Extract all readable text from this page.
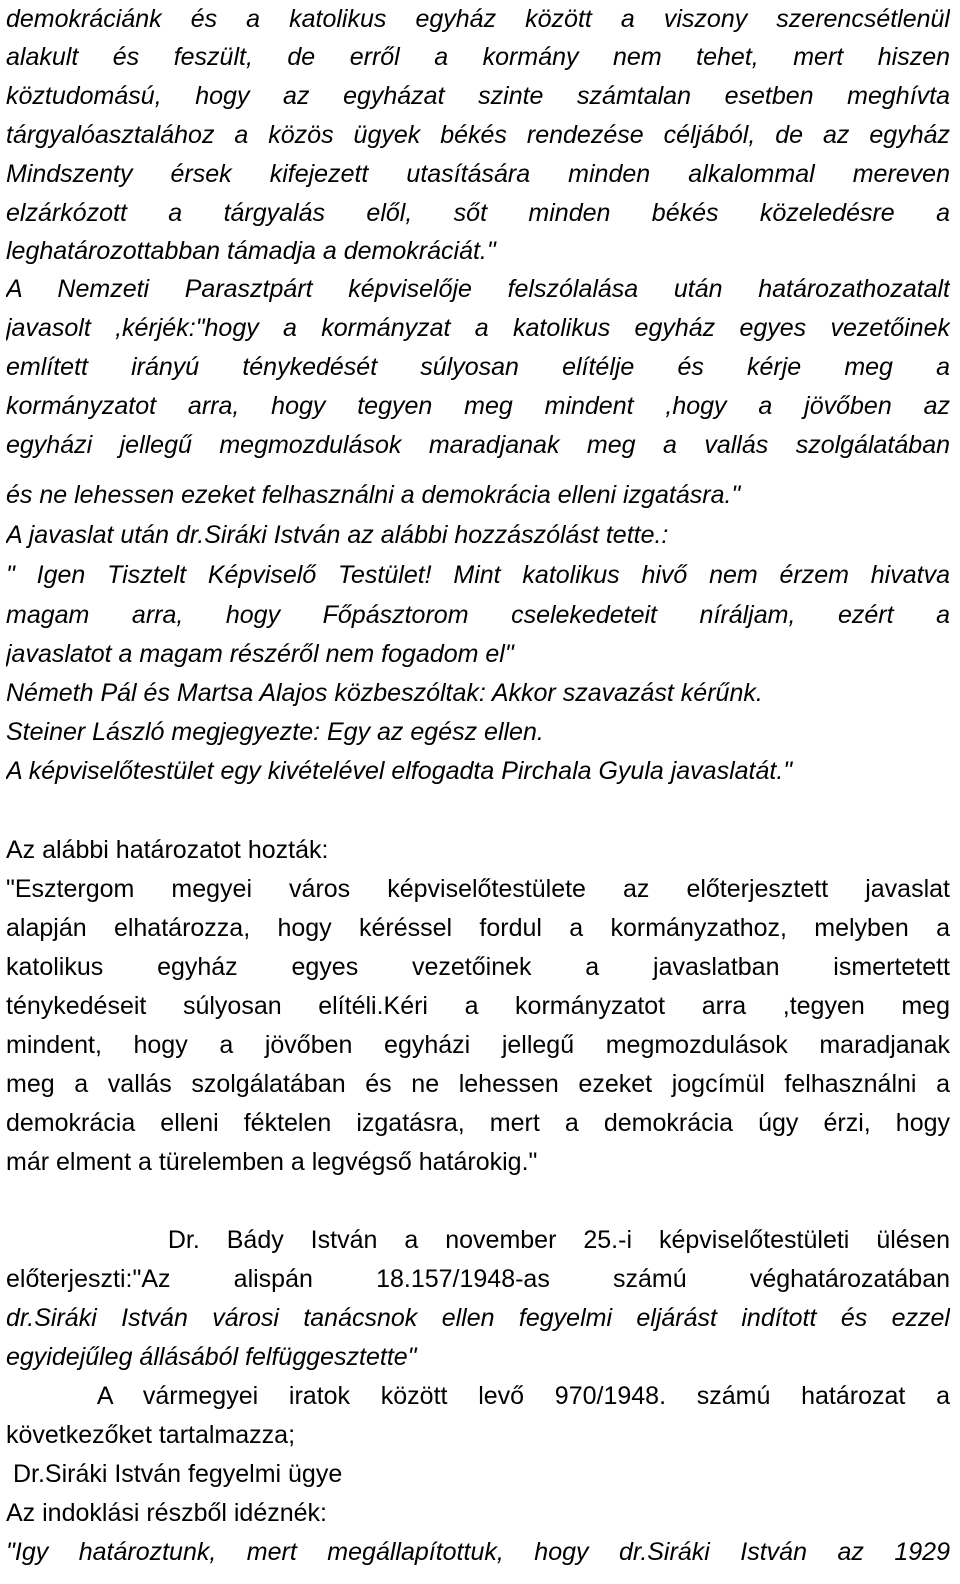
demokráciánk és a katolikus egyház között a viszony szerencsétlenül
alakult és feszült, de erről a kormány nem tehet, mert hiszen
köztudomású, hogy az egyházat szinte számtalan esetben meghívta
tárgyalóasztalához a közös ügyek békés rendezése céljából, de az egyház
Mindszenty érsek kifejezett utasítására minden alkalommal mereven
elzárkózott a tárgyalás elől, sőt minden békés közeledésre a
leghatározottabban támadja a demokráciát."
A Nemzeti Parasztpárt képviselője felszólalása után határozathozatalt
javasolt ,kérjék:"hogy a kormányzat a katolikus egyház egyes vezetőinek
említett irányú ténykedését súlyosan elítélje és kérje meg a
kormányzatot arra, hogy tegyen meg mindent ,hogy a jövőben az
egyházi jellegű megmozdulások maradjanak meg a vallás szolgálatában
és ne lehessen ezeket felhasználni a demokrácia elleni izgatásra."
A javaslat után dr.Siráki István az alábbi hozzászólást tette.:
" Igen Tisztelt Képviselő Testület! Mint katolikus hivő nem érzem hivatva
magam arra, hogy Főpásztorom cselekedeteit níráljam, ezért a
javaslatot a magam részéről nem fogadom el"
Németh Pál és Martsa Alajos közbeszóltak: Akkor szavazást kérűnk.
Steiner László megjegyezte: Egy az egész ellen.
A képviselőtestület egy kivételével elfogadta Pirchala Gyula javaslatát."
Az alábbi határozatot hozták:
"Esztergom megyei város képviselőtestülete az előterjesztett javaslat
alapján elhatározza, hogy kéréssel fordul a kormányzathoz, melyben a
katolikus egyház egyes vezetőinek a javaslatban ismertetett
ténykedéseit súlyosan elítéli.Kéri a kormányzatot arra ,tegyen meg
mindent, hogy a jövőben egyházi jellegű megmozdulások maradjanak
meg a vallás szolgálatában és ne lehessen ezeket jogcímül felhasználni a
demokrácia elleni féktelen izgatásra, mert a demokrácia úgy érzi, hogy
már elment a türelemben a legvégső határokig."
Dr. Bády István a november 25.-i képviselőtestületi ülésen
előterjeszti:"Az alispán 18.157/1948-as számú véghatározatában
dr.Siráki István városi tanácsnok ellen fegyelmi eljárást indított és ezzel
egyidejűleg állásából felfüggesztette"
A vármegyei iratok között levő 970/1948. számú határozat a
következőket tartalmazza;
Dr.Siráki István fegyelmi ügye
Az indoklási részből idéznék:
"Igy határoztunk, mert megállapítottuk, hogy dr.Siráki István az 1929
